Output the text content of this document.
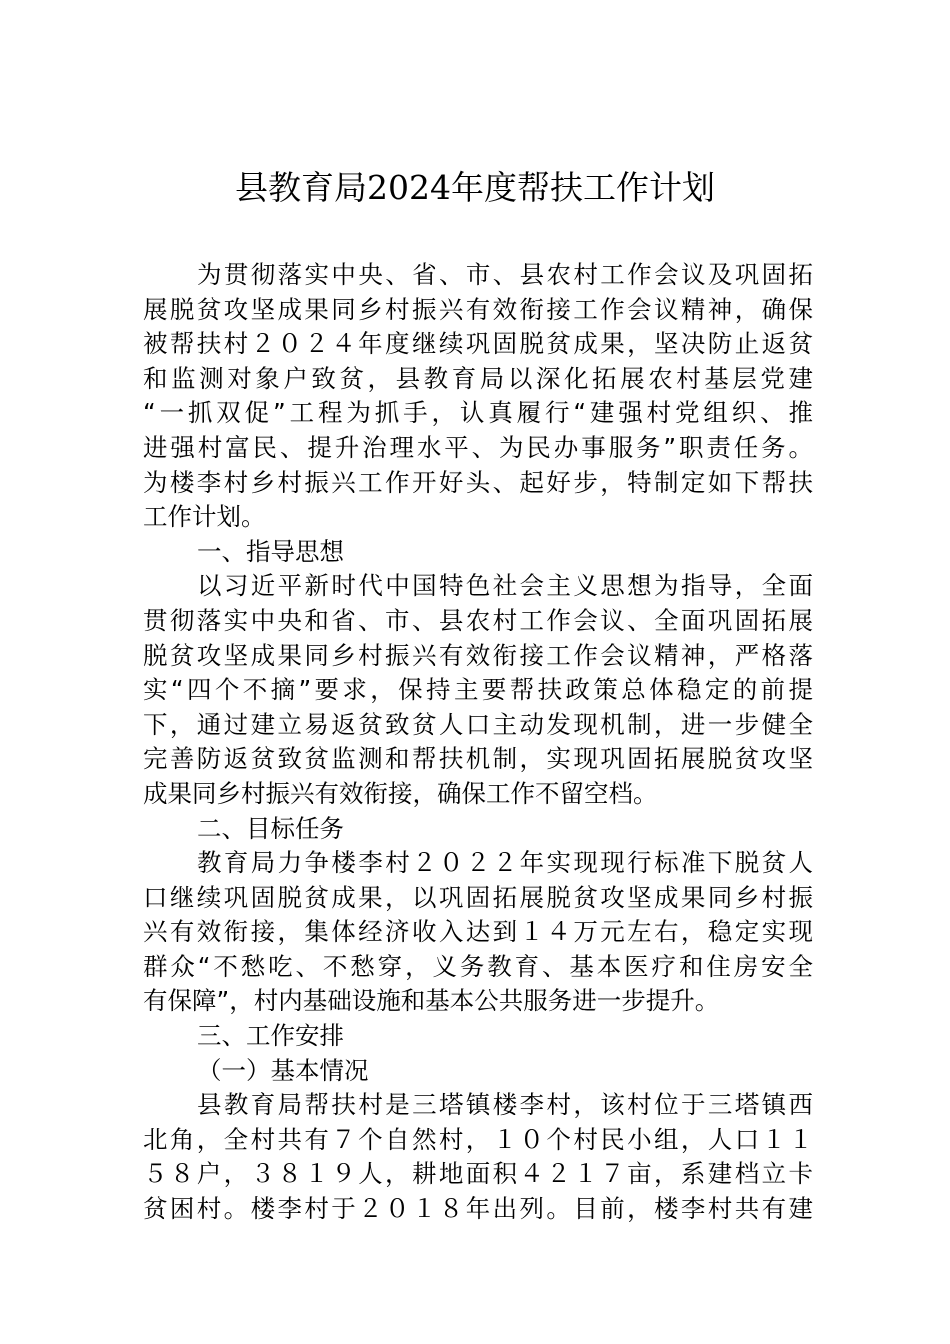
县教育局2024年度帮扶工作计划
为贯彻落实中央、省、市、县农村工作会议及巩固拓
展脱贫攻坚成果同乡村振兴有效衔接工作会议精神，确保
被帮扶村２０２４年度继续巩固脱贫成果，坚决防止返贫
和监测对象户致贫，县教育局以深化拓展农村基层党建
“一抓双促”工程为抓手，认真履行“建强村党组织、推
进强村富民、提升治理水平、为民办事服务”职责任务。
为楼李村乡村振兴工作开好头、起好步，特制定如下帮扶
工作计划。
一、指导思想
以习近平新时代中国特色社会主义思想为指导，全面
贯彻落实中央和省、市、县农村工作会议、全面巩固拓展
脱贫攻坚成果同乡村振兴有效衔接工作会议精神，严格落
实“四个不摘”要求，保持主要帮扶政策总体稳定的前提
下，通过建立易返贫致贫人口主动发现机制，进一步健全
完善防返贫致贫监测和帮扶机制，实现巩固拓展脱贫攻坚
成果同乡村振兴有效衔接，确保工作不留空档。
二、目标任务
教育局力争楼李村２０２２年实现现行标准下脱贫人
口继续巩固脱贫成果，以巩固拓展脱贫攻坚成果同乡村振
兴有效衔接，集体经济收入达到１４万元左右，稳定实现
群众“不愁吃、不愁穿，义务教育、基本医疗和住房安全
有保障”，村内基础设施和基本公共服务进一步提升。
三、工作安排
（一）基本情况
县教育局帮扶村是三塔镇楼李村，该村位于三塔镇西
北角，全村共有７个自然村，１０个村民小组，人口１１
５８户，３８１９人，耕地面积４２１７亩，系建档立卡
贫困村。楼李村于２０１８年出列。目前，楼李村共有建
